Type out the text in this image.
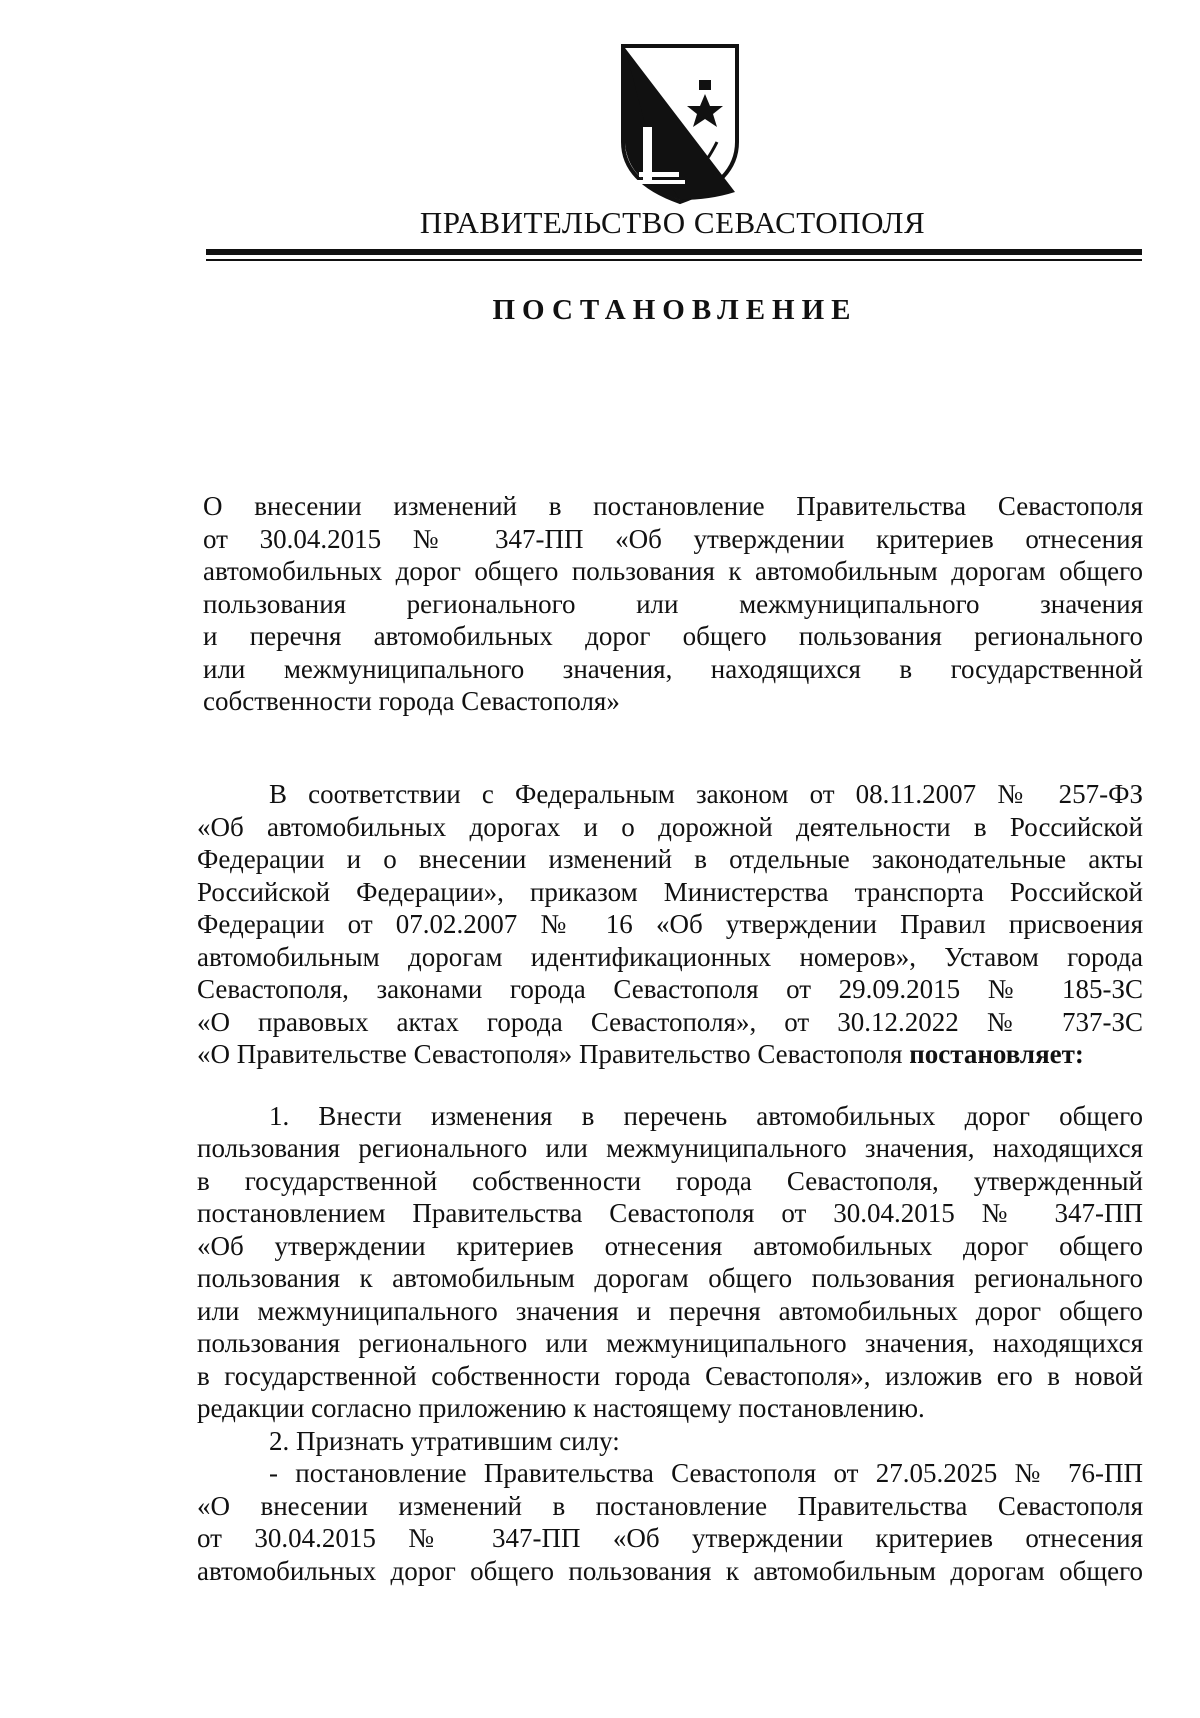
ПРАВИТЕЛЬСТВО СЕВАСТОПОЛЯ
ПОСТАНОВЛЕНИЕ
О внесении изменений в постановление Правительства Севастополя
от 30.04.2015 № 347-ПП «Об утверждении критериев отнесения
автомобильных дорог общего пользования к автомобильным дорогам общего
пользования регионального или межмуниципального значения
и перечня автомобильных дорог общего пользования регионального
или межмуниципального значения, находящихся в государственной
собственности города Севастополя»
В соответствии с Федеральным законом от 08.11.2007 № 257-ФЗ
«Об автомобильных дорогах и о дорожной деятельности в Российской
Федерации и о внесении изменений в отдельные законодательные акты
Российской Федерации», приказом Министерства транспорта Российской
Федерации от 07.02.2007 № 16 «Об утверждении Правил присвоения
автомобильным дорогам идентификационных номеров», Уставом города
Севастополя, законами города Севастополя от 29.09.2015 № 185-ЗС
«О правовых актах города Севастополя», от 30.12.2022 № 737-ЗС
«О Правительстве Севастополя» Правительство Севастополя постановляет:
1. Внести изменения в перечень автомобильных дорог общего
пользования регионального или межмуниципального значения, находящихся
в государственной собственности города Севастополя, утвержденный
постановлением Правительства Севастополя от 30.04.2015 № 347-ПП
«Об утверждении критериев отнесения автомобильных дорог общего
пользования к автомобильным дорогам общего пользования регионального
или межмуниципального значения и перечня автомобильных дорог общего
пользования регионального или межмуниципального значения, находящихся
в государственной собственности города Севастополя», изложив его в новой
редакции согласно приложению к настоящему постановлению.
2. Признать утратившим силу:
- постановление Правительства Севастополя от 27.05.2025 № 76-ПП
«О внесении изменений в постановление Правительства Севастополя
от 30.04.2015 № 347-ПП «Об утверждении критериев отнесения
автомобильных дорог общего пользования к автомобильным дорогам общего
